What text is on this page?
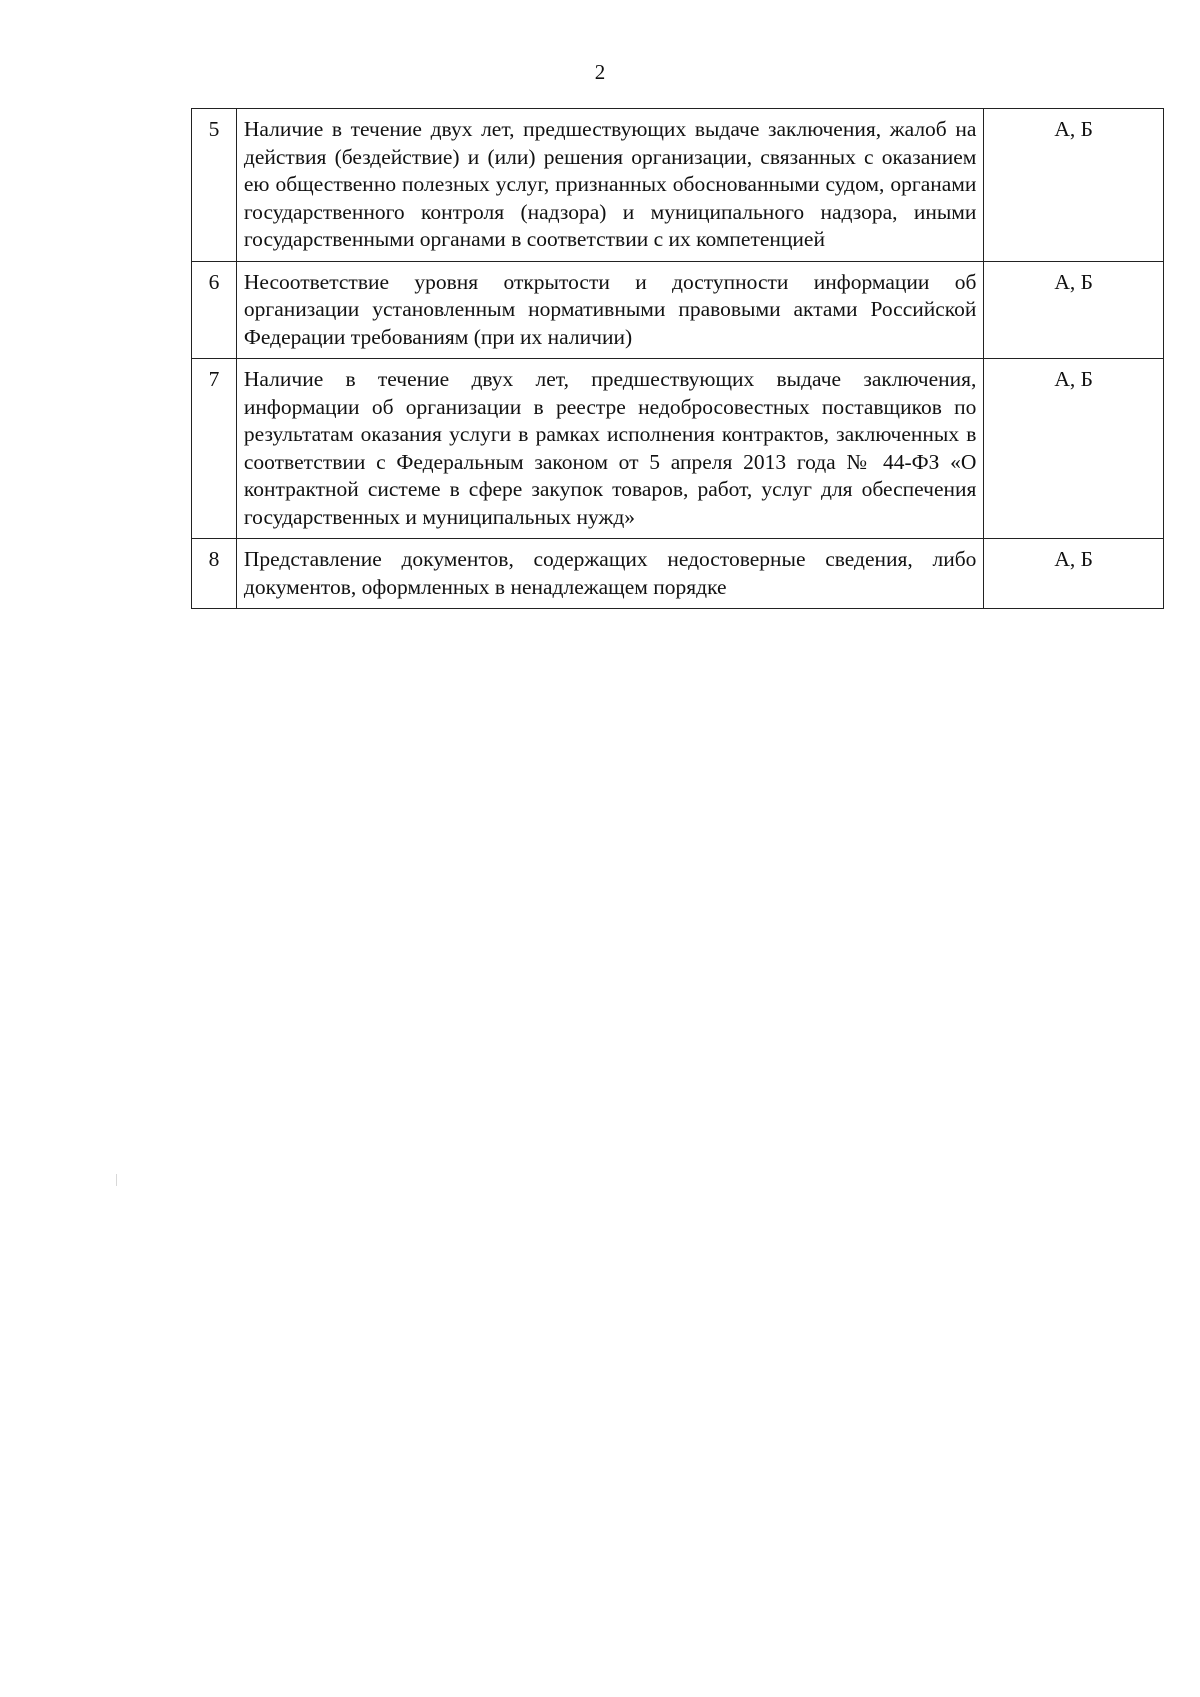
2
5	Наличие в течение двух лет, предшествующих выдаче заключения, жалоб на действия (бездействие) и (или) решения организации, связанных с оказанием ею общественно полезных услуг, признанных обоснованными судом, органами государственного контроля (надзора) и муниципального надзора, иными государственными органами в соответствии с их компетенцией	А, Б
6	Несоответствие уровня открытости и доступности информации об организации установленным нормативными правовыми актами Российской Федерации требованиям (при их наличии)	А, Б
7	Наличие в течение двух лет, предшествующих выдаче заключения, информации об организации в реестре недобросовестных поставщиков по результатам оказания услуги в рамках исполнения контрактов, заключенных в соответствии с Федеральным законом от 5 апреля 2013 года № 44-ФЗ «О контрактной системе в сфере закупок товаров, работ, услуг для обеспечения государственных и муниципальных нужд»	А, Б
8	Представление документов, содержащих недостоверные сведения, либо документов, оформленных в ненадлежащем порядке	А, Б
